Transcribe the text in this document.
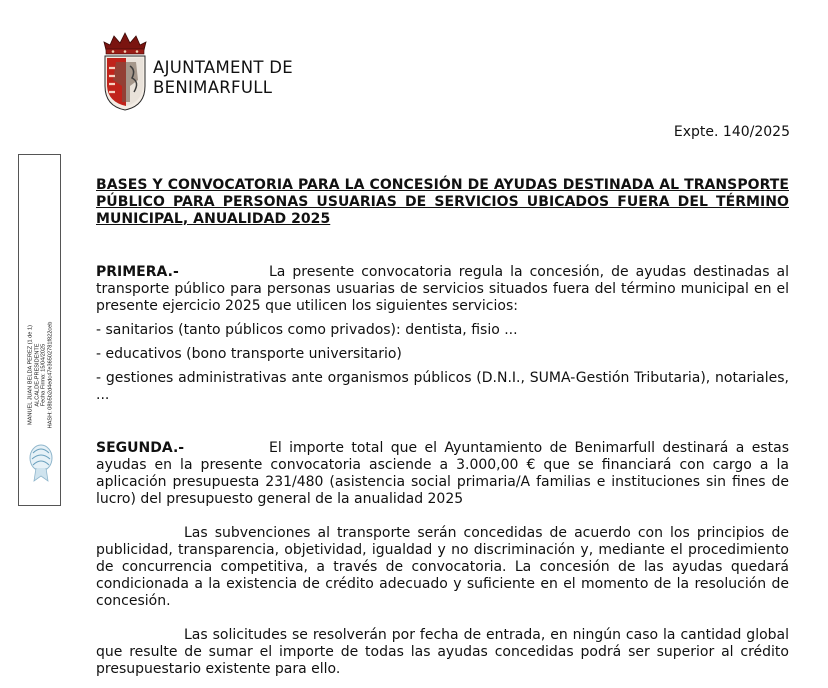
AJUNTAMENT DE
BENIMARFULL
Expte. 140/2025
MANUEL JUAN BELDA PEREZ (1 de 1) ALCALDE-PRESIDENTE Fecha Firma: 15/04/2025 HASH: 08b5b2d4edc47e36502781f822ceb
BASES Y CONVOCATORIA PARA LA CONCESIÓN DE AYUDAS DESTINADA AL TRANSPORTE PÚBLICO PARA PERSONAS USUARIAS DE SERVICIOS UBICADOS FUERA DEL TÉRMINO MUNICIPAL, ANUALIDAD 2025

PRIMERA.-	La presente convocatoria regula la concesión, de ayudas destinadas al transporte público para personas usuarias de servicios situados fuera del término municipal en el presente ejercicio 2025 que utilicen los siguientes servicios:

- sanitarios (tanto públicos como privados): dentista, fisio ...

- educativos (bono transporte universitario)

- gestiones administrativas ante organismos públicos (D.N.I., SUMA-Gestión Tributaria), notariales, ...

SEGUNDA.-	El importe total que el Ayuntamiento de Benimarfull destinará a estas ayudas en la presente convocatoria asciende a 3.000,00 € que se financiará con cargo a la aplicación presupuesta 231/480 (asistencia social primaria/A familias e instituciones sin fines de lucro) del presupuesto general de la anualidad 2025

Las subvenciones al transporte serán concedidas de acuerdo con los principios de publicidad, transparencia, objetividad, igualdad y no discriminación y, mediante el procedimiento de concurrencia competitiva, a través de convocatoria. La concesión de las ayudas quedará condicionada a la existencia de crédito adecuado y suficiente en el momento de la resolución de concesión.

Las solicitudes se resolverán por fecha de entrada, en ningún caso la cantidad global que resulte de sumar el importe de todas las ayudas concedidas podrá ser superior al crédito presupuestario existente para ello.
